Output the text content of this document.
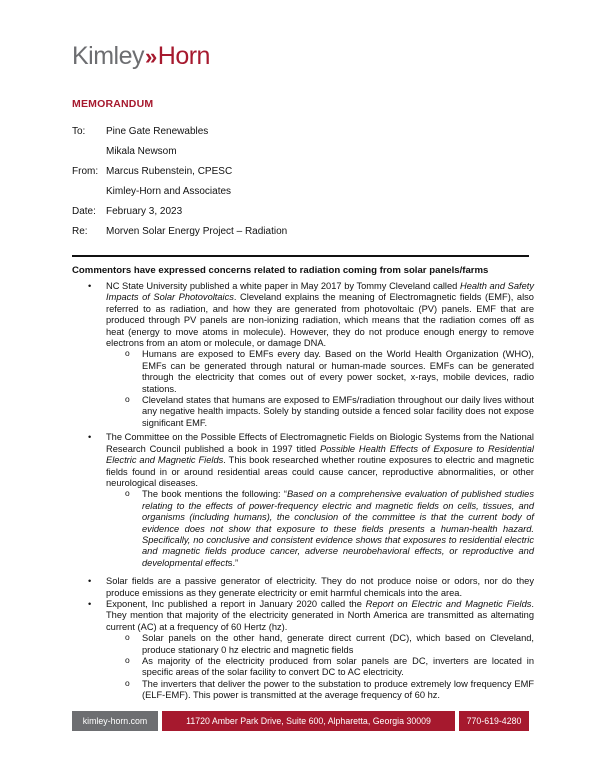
Kimley » Horn
MEMORANDUM
To:	Pine Gate Renewables
Mikala Newsom
From: Marcus Rubenstein, CPESC
Kimley-Horn and Associates
Date:	February 3, 2023
Re:	Morven Solar Energy Project – Radiation
Commentors have expressed concerns related to radiation coming from solar panels/farms
• NC State University published a white paper in May 2017 by Tommy Cleveland called Health and Safety Impacts of Solar Photovoltaics. Cleveland explains the meaning of Electromagnetic fields (EMF), also referred to as radiation, and how they are generated from photovoltaic (PV) panels. EMF that are produced through PV panels are non-ionizing radiation, which means that the radiation comes off as heat (energy to move atoms in molecule). However, they do not produce enough energy to remove electrons from an atom or molecule, or damage DNA.
o Humans are exposed to EMFs every day. Based on the World Health Organization (WHO), EMFs can be generated through natural or human-made sources. EMFs can be generated through the electricity that comes out of every power socket, x-rays, mobile devices, radio stations.
o Cleveland states that humans are exposed to EMFs/radiation throughout our daily lives without any negative health impacts. Solely by standing outside a fenced solar facility does not expose significant EMF.
• The Committee on the Possible Effects of Electromagnetic Fields on Biologic Systems from the National Research Council published a book in 1997 titled Possible Health Effects of Exposure to Residential Electric and Magnetic Fields. This book researched whether routine exposures to electric and magnetic fields found in or around residential areas could cause cancer, reproductive abnormalities, or other neurological diseases.
o The book mentions the following: “Based on a comprehensive evaluation of published studies relating to the effects of power-frequency electric and magnetic fields on cells, tissues, and organisms (including humans), the conclusion of the committee is that the current body of evidence does not show that exposure to these fields presents a human-health hazard. Specifically, no conclusive and consistent evidence shows that exposures to residential electric and magnetic fields produce cancer, adverse neurobehavioral effects, or reproductive and developmental effects.”
• Solar fields are a passive generator of electricity. They do not produce noise or odors, nor do they produce emissions as they generate electricity or emit harmful chemicals into the area.
• Exponent, Inc published a report in January 2020 called the Report on Electric and Magnetic Fields. They mention that majority of the electricity generated in North America are transmitted as alternating current (AC) at a frequency of 60 Hertz (hz).
o Solar panels on the other hand, generate direct current (DC), which based on Cleveland, produce stationary 0 hz electric and magnetic fields
o As majority of the electricity produced from solar panels are DC, inverters are located in specific areas of the solar facility to convert DC to AC electricity.
o The inverters that deliver the power to the substation to produce extremely low frequency EMF (ELF-EMF). This power is transmitted at the average frequency of 60 hz.
kimley-horn.com	11720 Amber Park Drive, Suite 600, Alpharetta, Georgia 30009	770-619-4280
